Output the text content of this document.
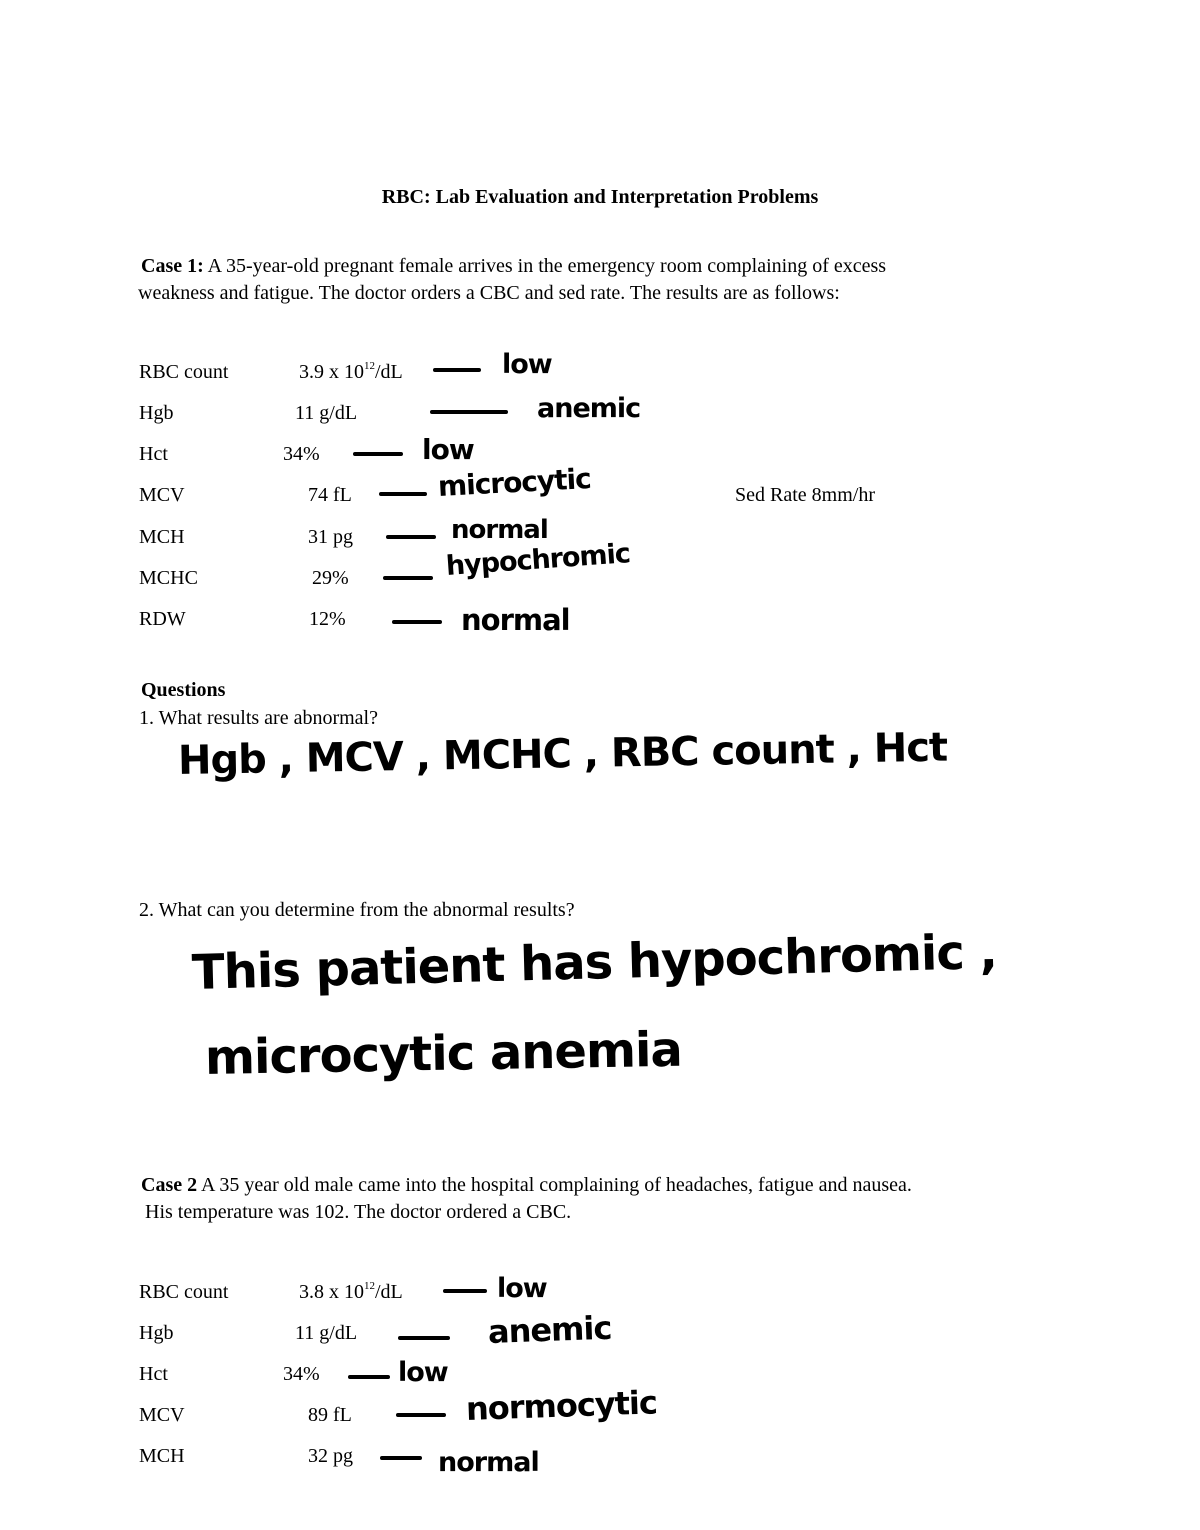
RBC: Lab Evaluation and Interpretation Problems
Case 1: A 35-year-old pregnant female arrives in the emergency room complaining of excess
weakness and fatigue. The doctor orders a CBC and sed rate. The results are as follows:
RBC count	3.9 x $10^{12}/dL$	low
Hgb	11 g/dL	anemic
Hct	34%	low
MCV	74 fL	microcytic	Sed Rate 8mm/hr
MCH	31 pg	normal
MCHC	29%	hypochromic
RDW	12%	normal
Questions
1. What results are abnormal?
Hgb , MCV , MCHC , RBC count , Hct
2. What can you determine from the abnormal results?
This patient has hypochromic ,
microcytic anemia
Case 2 A 35 year old male came into the hospital complaining of headaches, fatigue and nausea.
His temperature was 102. The doctor ordered a CBC.
RBC count	3.8 x $10^{12}/dL$	low
Hgb	11 g/dL	anemic
Hct	34%	low
MCV	89 fL	normocytic
MCH	32 pg	normal
